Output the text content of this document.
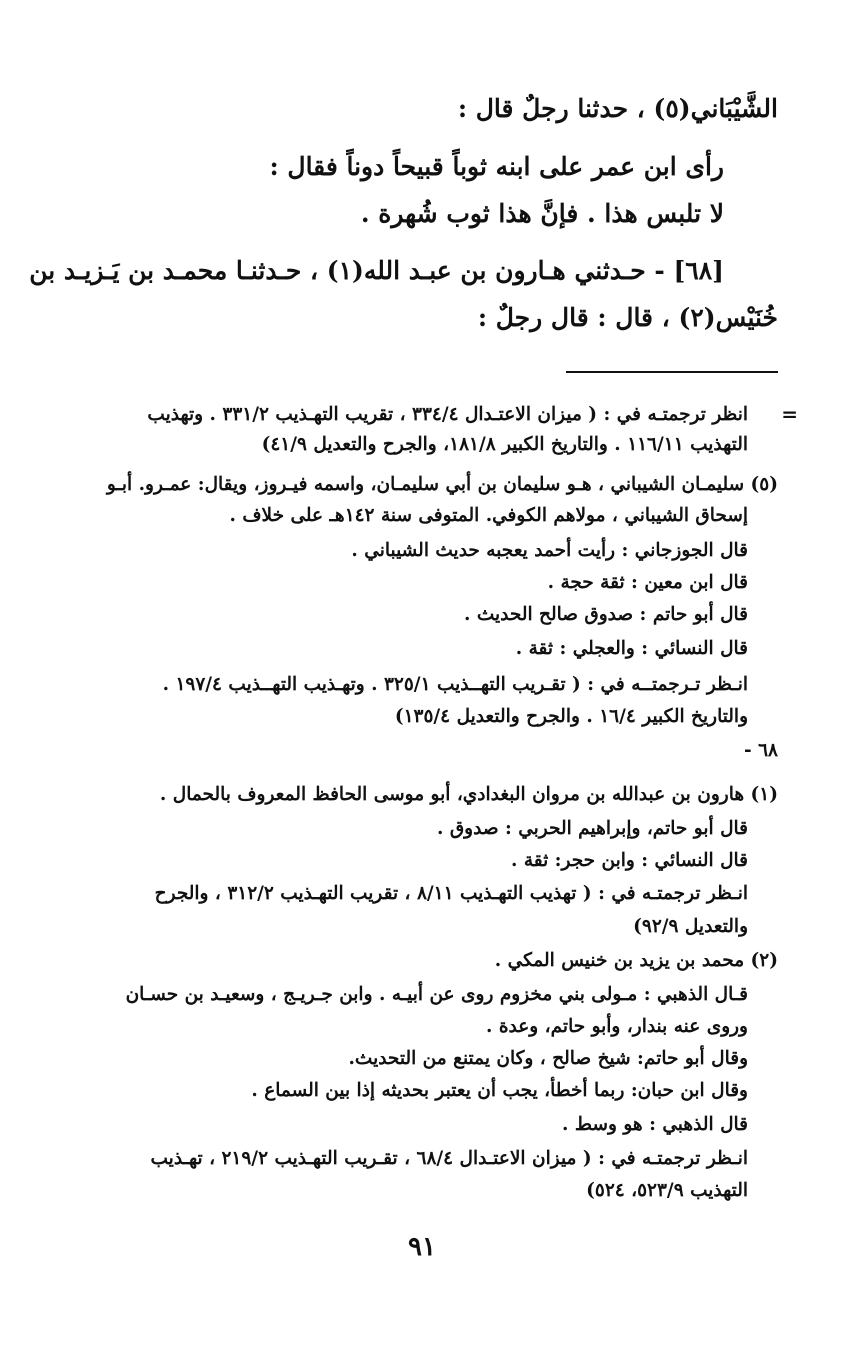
الشَّيْبَاني(٥) ، حدثنا رجلٌ قال :
رأى ابن عمر على ابنه ثوباً قبيحاً دوناً فقال :
لا تلبس هذا . فإنَّ هذا ثوب شُهرة .
[٦٨] - حـدثني هـارون بن عبـد الله(١) ، حـدثنـا محمـد بن يَـزيـد بن
خُنَيْس(٢) ، قال : قال رجلٌ :
=
انظر ترجمتـه في : ( ميزان الاعتـدال ٣٣٤/٤ ، تقريب التهـذيب ٣٣١/٢ . وتهذيب
التهذيب ١١٦/١١ . والتاريخ الكبير ١٨١/٨، والجرح والتعديل ٤١/٩)
(٥) سليمـان الشيباني ، هـو سليمان بن أبي سليمـان، واسمه فيـروز، ويقال: عمـرو. أبـو
إسحاق الشيباني ، مولاهم الكوفي. المتوفى سنة ١٤٢هـ على خلاف .
قال الجوزجاني : رأيت أحمد يعجبه حديث الشيباني .
قال ابن معين : ثقة حجة .
قال أبو حاتم : صدوق صالح الحديث .
قال النسائي : والعجلي : ثقة .
انـظر تـرجمتــه في : ( تقـريب التهــذيب ٣٢٥/١ . وتهـذيب التهــذيب ١٩٧/٤ .
والتاريخ الكبير ١٦/٤ . والجرح والتعديل ١٣٥/٤)
٦٨ -
(١) هارون بن عبدالله بن مروان البغدادي، أبو موسى الحافظ المعروف بالحمال .
قال أبو حاتم، وإبراهيم الحربي : صدوق .
قال النسائي : وابن حجر: ثقة .
انـظر ترجمتـه في : ( تهذيب التهـذيب ٨/١١ ، تقريب التهـذيب ٣١٢/٢ ، والجرح
والتعديل ٩٢/٩)
(٢) محمد بن يزيد بن خنيس المكي .
قـال الذهبي : مـولى بني مخزوم روى عن أبيـه . وابن جـريـج ، وسعيـد بن حسـان
وروى عنه بندار، وأبو حاتم، وعدة .
وقال أبو حاتم: شيخ صالح ، وكان يمتنع من التحديث.
وقال ابن حبان: ربما أخطأ، يجب أن يعتبر بحديثه إذا بين السماع .
قال الذهبي : هو وسط .
انـظر ترجمتـه في : ( ميزان الاعتـدال ٦٨/٤ ، تقـريب التهـذيب ٢١٩/٢ ، تهـذيب
التهذيب ٥٢٣/٩، ٥٢٤)
٩١
